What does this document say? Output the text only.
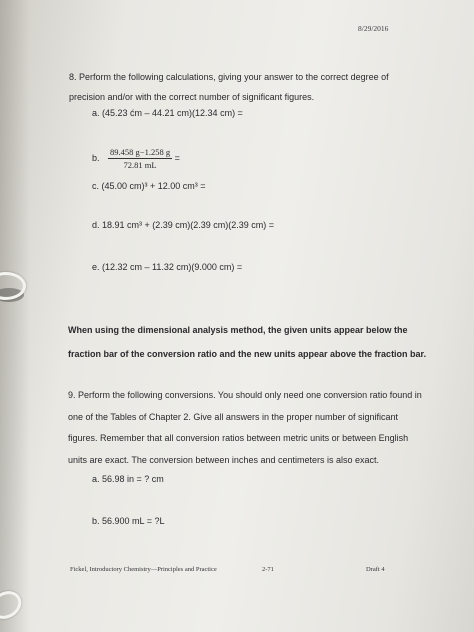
8/29/2016
8. Perform the following calculations, giving your answer to the correct degree of
precision and/or with the correct number of significant figures.
a. (45.23 ćm – 44.21 cm)(12.34 cm) =
b. $\frac{89.458 g-1.258 g}{72.81 mL}$ =
c. (45.00 cm)³ + 12.00 cm³ =
d. 18.91 cm³ + (2.39 cm)(2.39 cm)(2.39 cm) =
e. (12.32 cm – 11.32 cm)(9.000 cm) =
When using the dimensional analysis method, the given units appear below the
fraction bar of the conversion ratio and the new units appear above the fraction bar.
9. Perform the following conversions. You should only need one conversion ratio found in
one of the Tables of Chapter 2. Give all answers in the proper number of significant
figures. Remember that all conversion ratios between metric units or between English
units are exact. The conversion between inches and centimeters is also exact.
a. 56.98 in = ? cm
b. 56.900 mL = ?L
Fickel, Introductory Chemistry—Principles and Practice	2-71	Draft 4
